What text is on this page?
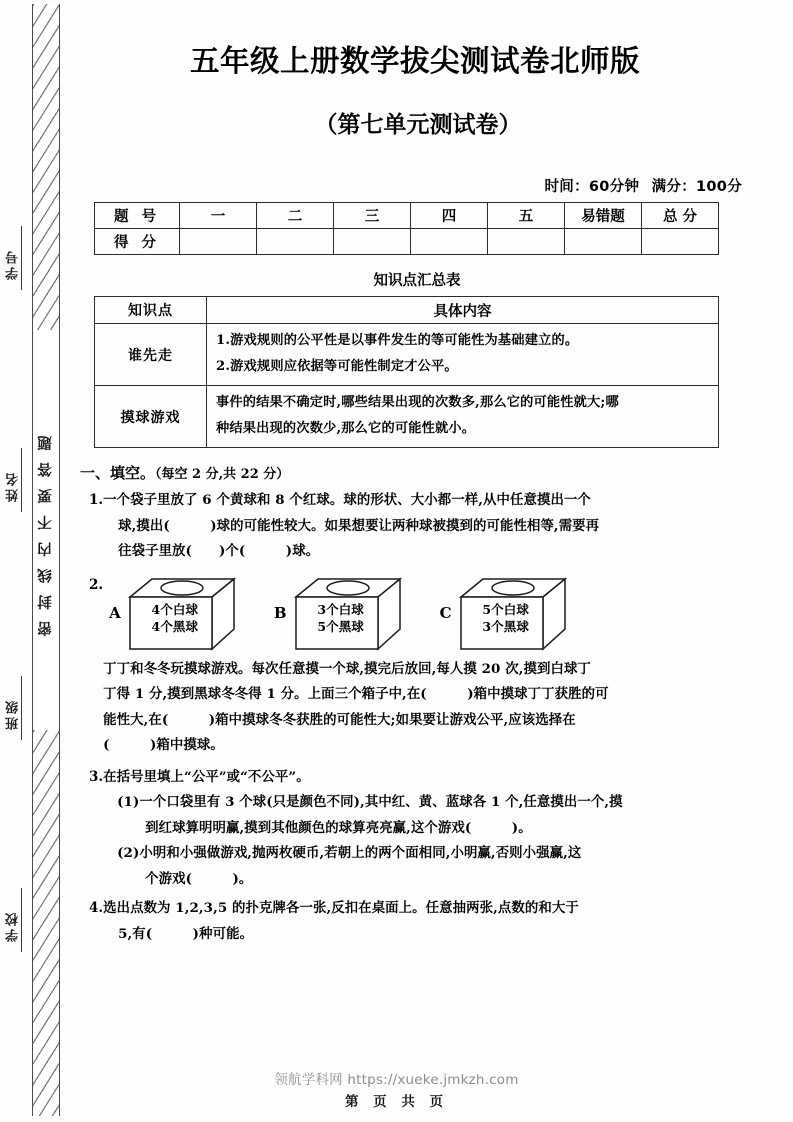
学号
姓名
班级
学校
密封线内不要答题
五年级上册数学拔尖测试卷北师版
（第七单元测试卷）
时间：60分钟 满分：100分
题 号	一	二	三	四	五	易错题	总 分
得 分							
知识点汇总表
知识点	具体内容
谁先走	1.游戏规则的公平性是以事件发生的等可能性为基础建立的。
2.游戏规则应依据等可能性制定才公平。

摸球游戏	事件的结果不确定时,哪些结果出现的次数多,那么它的可能性就大;哪
种结果出现的次数少,那么它的可能性就小。
一、填空。（每空 2 分,共 22 分）
1. 一个袋子里放了 6 个黄球和 8 个红球。球的形状、大小都一样,从中任意摸出一个
球,摸出(　　　)球的可能性较大。如果想要让两种球被摸到的可能性相等,需要再
往袋子里放(　　)个(　　　)球。
2.
A	4个白球
4个黑球
B	3个白球
5个黑球
C	5个白球
3个黑球
丁丁和冬冬玩摸球游戏。每次任意摸一个球,摸完后放回,每人摸 20 次,摸到白球丁
丁得 1 分,摸到黑球冬冬得 1 分。上面三个箱子中,在(　　　)箱中摸球丁丁获胜的可
能性大,在(　　　)箱中摸球冬冬获胜的可能性大;如果要让游戏公平,应该选择在
(　　　)箱中摸球。
3. 在括号里填上“公平”或“不公平”。
(1)一个口袋里有 3 个球(只是颜色不同),其中红、黄、蓝球各 1 个,任意摸出一个,摸
到红球算明明赢,摸到其他颜色的球算亮亮赢,这个游戏(　　　)。
(2)小明和小强做游戏,抛两枚硬币,若朝上的两个面相同,小明赢,否则小强赢,这
个游戏(　　　)。
4. 选出点数为 1,2,3,5 的扑克牌各一张,反扣在桌面上。任意抽两张,点数的和大于
5,有(　　　)种可能。
领航学科网 https://xueke.jmkzh.com
第 页 共 页
